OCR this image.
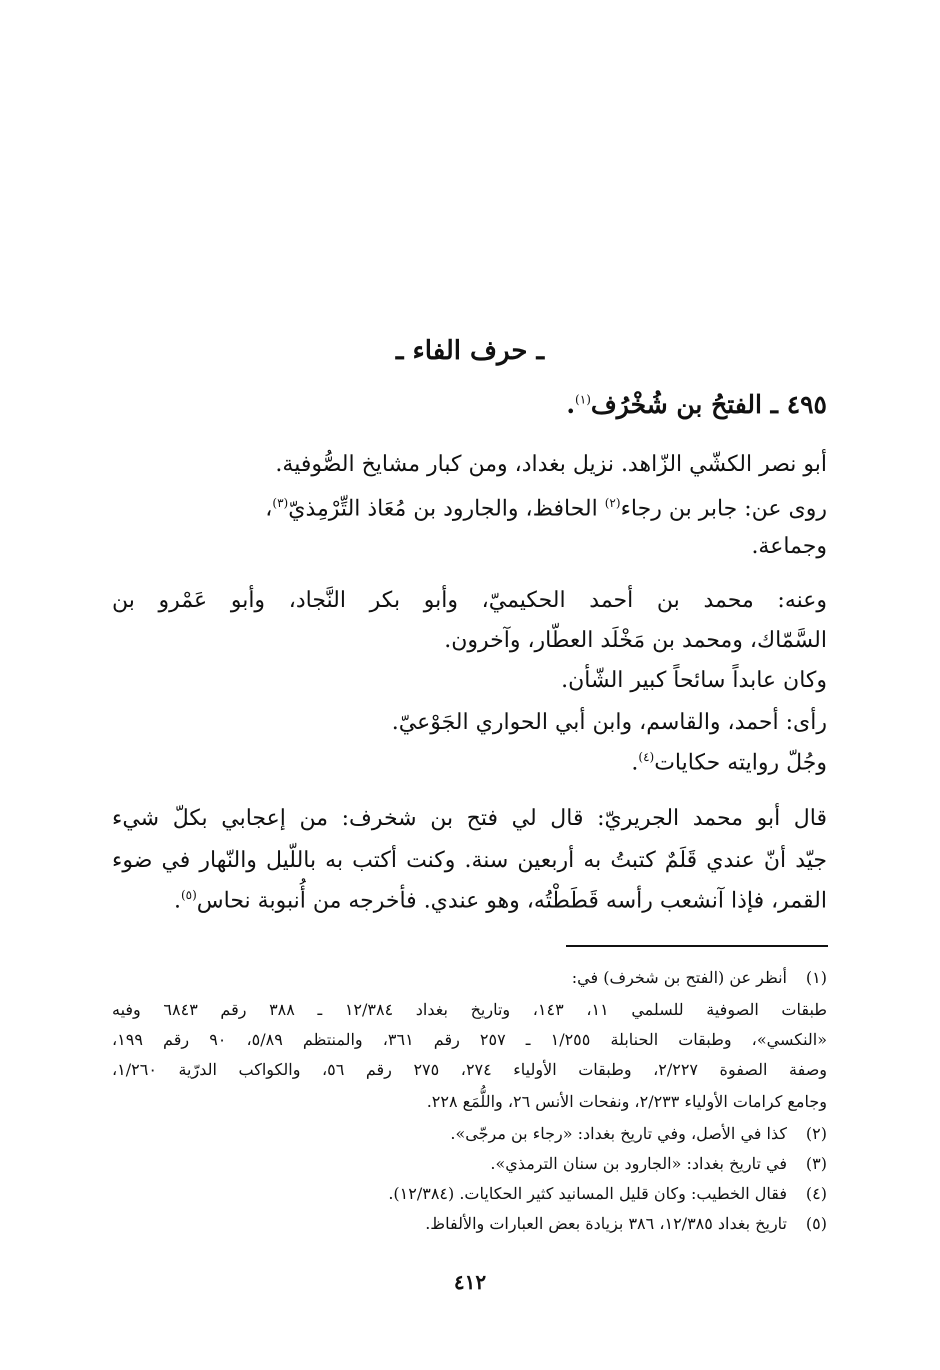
ـ حرف الفاء ـ
٤٩٥ ـ الفتحُ بن شُخْرُف$^{(١)}$.
أبو نصر الكشّي الزّاهد. نزيل بغداد، ومن كبار مشايخ الصُّوفية.
روى عن: جابر بن رجاء$^{(٢)}$ الحافظ، والجارود بن مُعَاذ التِّرْمِذيّ$^{(٣)}$،
وجماعة.
وعنه: محمد بن أحمد الحكيميّ، وأبو بكر النَّجاد، وأبو عَمْرو بن
السَّمّاك، ومحمد بن مَخْلَد العطّار، وآخرون.
وكان عابداً سائحاً كبير الشّأن.
رأى: أحمد، والقاسم، وابن أبي الحواري الجَوْعيّ.
وجُلّ روايته حكايات$^{(٤)}$.
قال أبو محمد الجريريّ: قال لي فتح بن شخرف: من إعجابي بكلّ شيء
جيّد أنّ عندي قَلَمٌ كتبتُ به أربعين سنة. وكنت أكتب به باللّيل والنّهار في ضوء
القمر، فإذا آنشعب رأسه قَطَطْتُه، وهو عندي. فأخرجه من أُنبوبة نحاس$^{(٥)}$.
(١)أنظر عن (الفتح بن شخرف) في:
طبقات الصوفية للسلمي ١١، ١٤٣، وتاريخ بغداد ١٢/٣٨٤ ـ ٣٨٨ رقم ٦٨٤٣ وفيه
«النكسي»، وطبقات الحنابلة ١/٢٥٥ ـ ٢٥٧ رقم ٣٦١، والمنتظم ٥/٨٩، ٩٠ رقم ١٩٩،
وصفة الصفوة ٢/٢٢٧، وطبقات الأولياء ٢٧٤، ٢٧٥ رقم ٥٦، والكواكب الدرّية ١/٢٦٠،
وجامع كرامات الأولياء ٢/٢٣٣، ونفحات الأنس ٢٦، واللُّمَع ٢٢٨.
(٢)كذا في الأصل، وفي تاريخ بغداد: «رجاء بن مرجّى».
(٣)في تاريخ بغداد: «الجارود بن سنان الترمذي».
(٤)فقال الخطيب: وكان قليل المسانيد كثير الحكايات. (١٢/٣٨٤).
(٥)تاريخ بغداد ١٢/٣٨٥، ٣٨٦ بزيادة بعض العبارات والألفاظ.
٤١٢
